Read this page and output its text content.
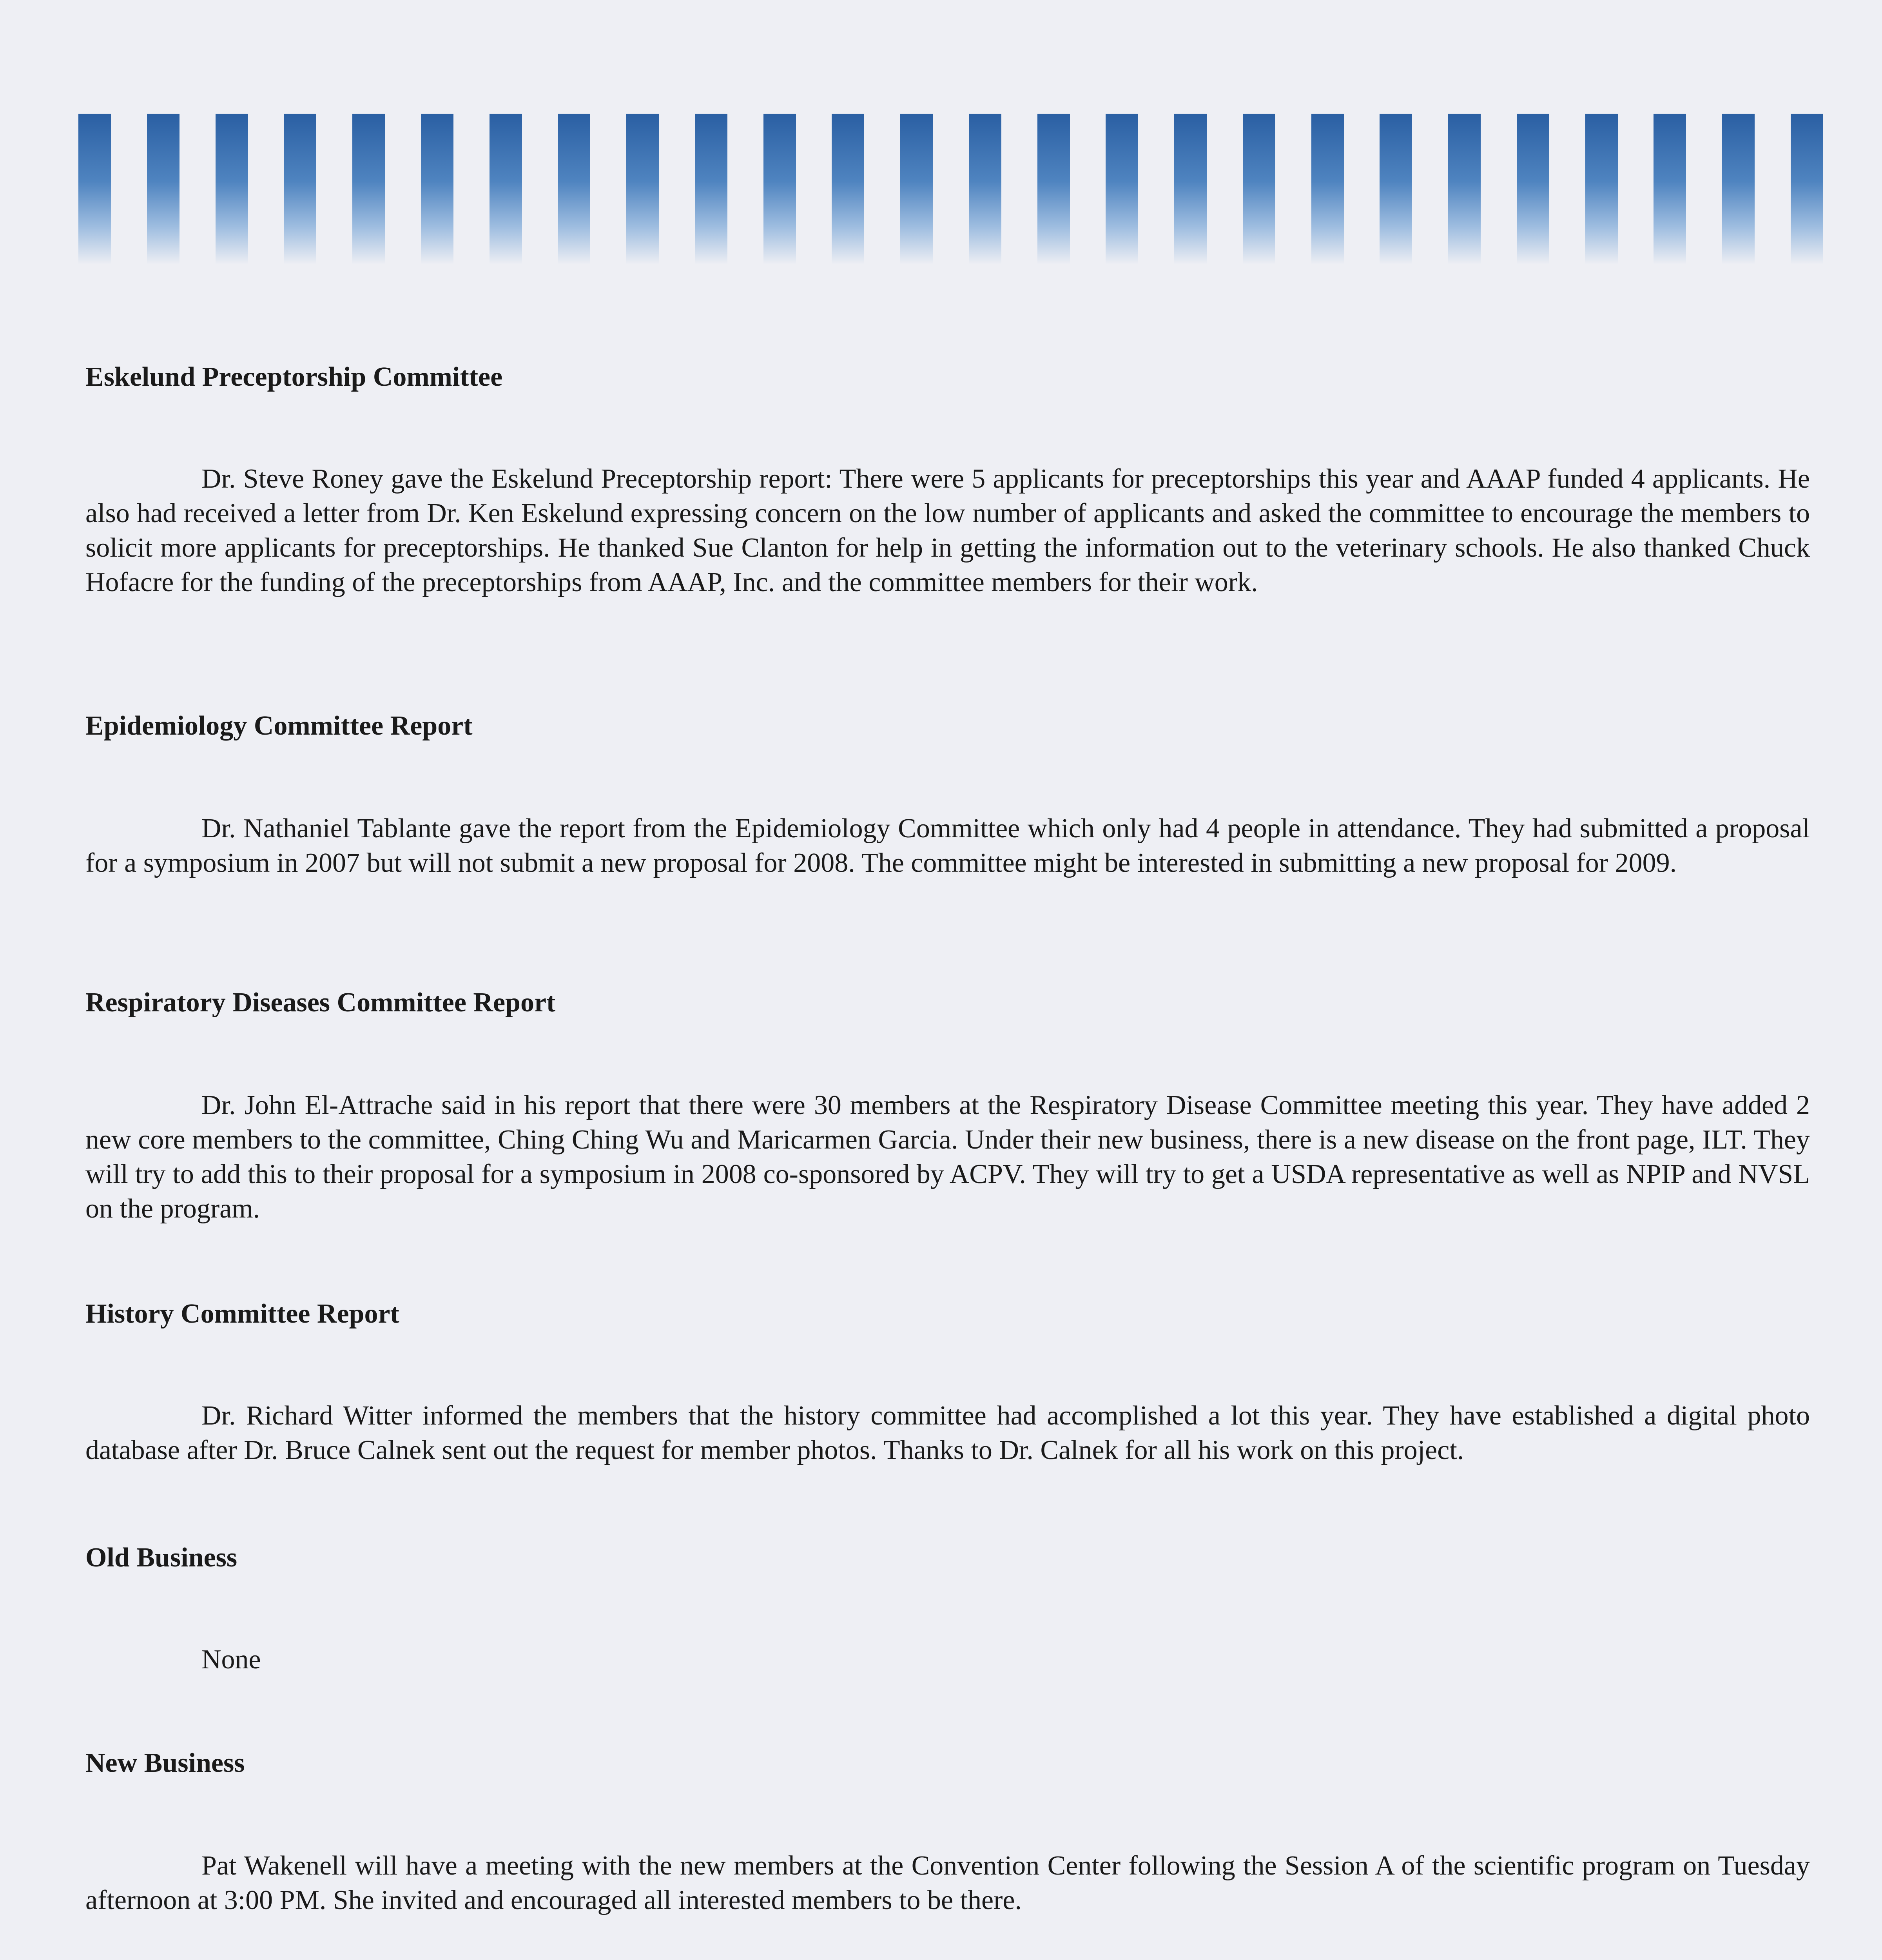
Eskelund Preceptorship Committee

Dr. Steve Roney gave the Eskelund Preceptorship report: There were 5 applicants for preceptorships this year and AAAP funded 4 applicants. He also had received a letter from Dr. Ken Eskelund expressing concern on the low number of applicants and asked the committee to encourage the members to solicit more applicants for preceptorships. He thanked Sue Clanton for help in getting the information out to the veterinary schools. He also thanked Chuck Hofacre for the funding of the preceptorships from AAAP, Inc. and the committee members for their work.

Epidemiology Committee Report

Dr. Nathaniel Tablante gave the report from the Epidemiology Committee which only had 4 people in attendance. They had submitted a proposal for a symposium in 2007 but will not submit a new proposal for 2008. The committee might be interested in submitting a new proposal for 2009.

Respiratory Diseases Committee Report

Dr. John El-Attrache said in his report that there were 30 members at the Respiratory Disease Committee meeting this year. They have added 2 new core members to the committee, Ching Ching Wu and Maricarmen Garcia. Under their new business, there is a new disease on the front page, ILT. They will try to add this to their proposal for a symposium in 2008 co-sponsored by ACPV. They will try to get a USDA representative as well as NPIP and NVSL on the program.

History Committee Report

Dr. Richard Witter informed the members that the history committee had accomplished a lot this year. They have established a digital photo database after Dr. Bruce Calnek sent out the request for member photos. Thanks to Dr. Calnek for all his work on this project.

Old Business

None

New Business

Pat Wakenell will have a meeting with the new members at the Convention Center following the Session A of the scientific program on Tuesday afternoon at 3:00 PM. She invited and encouraged all interested members to be there.
